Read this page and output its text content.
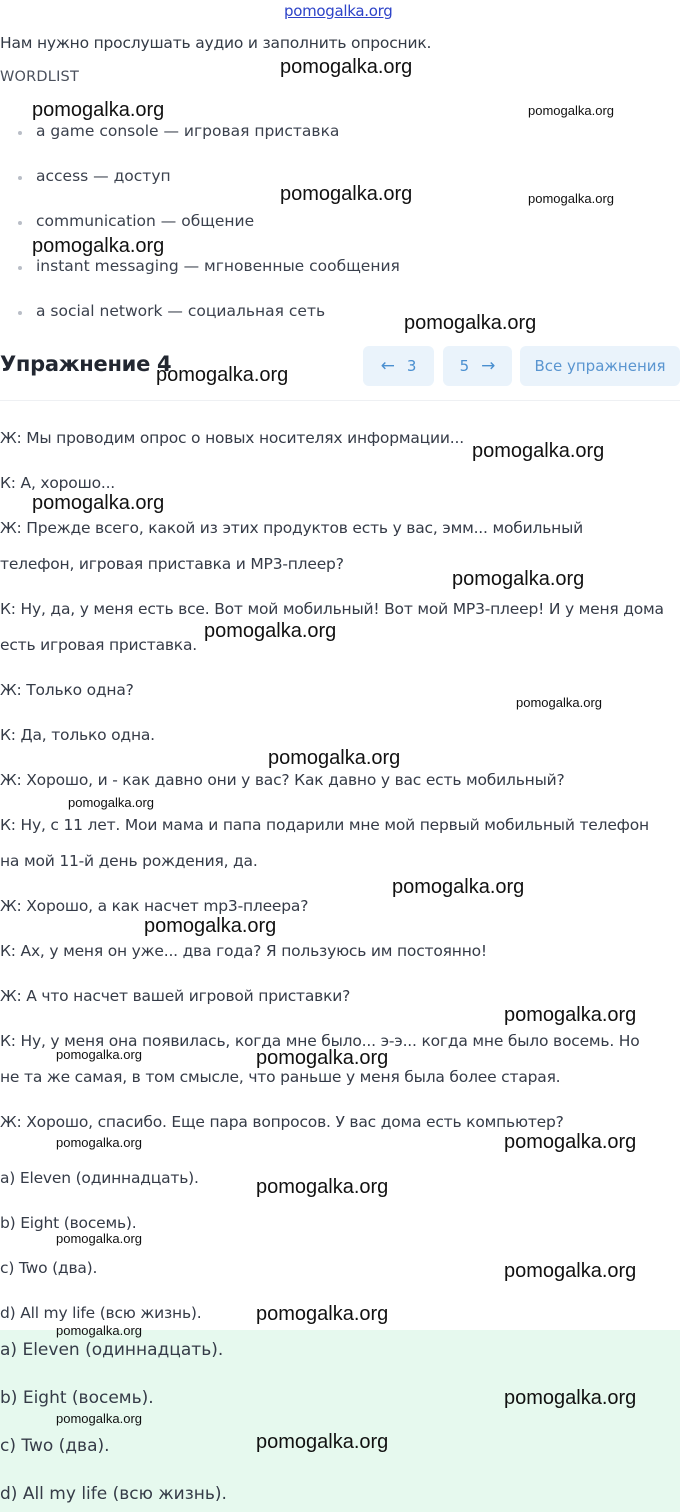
pomogalka.org
Нам нужно прослушать аудио и заполнить опросник.
WORDLIST
a game console — игровая приставка
access — доступ
communication — общение
instant messaging — мгновенные сообщения
a social network — социальная сеть
Упражнение 4	← 3	5 →	Все упражнения
Ж: Мы проводим опрос о новых носителях информации...
К: А, хорошо...
Ж: Прежде всего, какой из этих продуктов есть у вас, эмм... мобильный
телефон, игровая приставка и MP3-плеер?
К: Ну, да, у меня есть все. Вот мой мобильный! Вот мой MP3-плеер! И у меня дома
есть игровая приставка.
Ж: Только одна?
К: Да, только одна.
Ж: Хорошо, и - как давно они у вас? Как давно у вас есть мобильный?
К: Ну, с 11 лет. Мои мама и папа подарили мне мой первый мобильный телефон
на мой 11-й день рождения, да.
Ж: Хорошо, а как насчет mp3-плеера?
К: Ах, у меня он уже... два года? Я пользуюсь им постоянно!
Ж: А что насчет вашей игровой приставки?
К: Ну, у меня она появилась, когда мне было... э-э... когда мне было восемь. Но
не та же самая, в том смысле, что раньше у меня была более старая.
Ж: Хорошо, спасибо. Еще пара вопросов. У вас дома есть компьютер?
a) Eleven (одиннадцать).
b) Eight (восемь).
c) Two (два).
d) All my life (всю жизнь).
a) Eleven (одиннадцать).
b) Eight (восемь).
c) Two (два).
d) All my life (всю жизнь).
pomogalka.org
pomogalka.org	pomogalka.org
pomogalka.org	pomogalka.org
pomogalka.org
pomogalka.org
pomogalka.org
pomogalka.org
pomogalka.org
pomogalka.org
pomogalka.org
pomogalka.org
pomogalka.org
pomogalka.org
pomogalka.org
pomogalka.org
pomogalka.org
pomogalka.org	pomogalka.org
pomogalka.org	pomogalka.org
pomogalka.org
pomogalka.org
pomogalka.org
pomogalka.org
pomogalka.org
pomogalka.org
pomogalka.org
pomogalka.org
